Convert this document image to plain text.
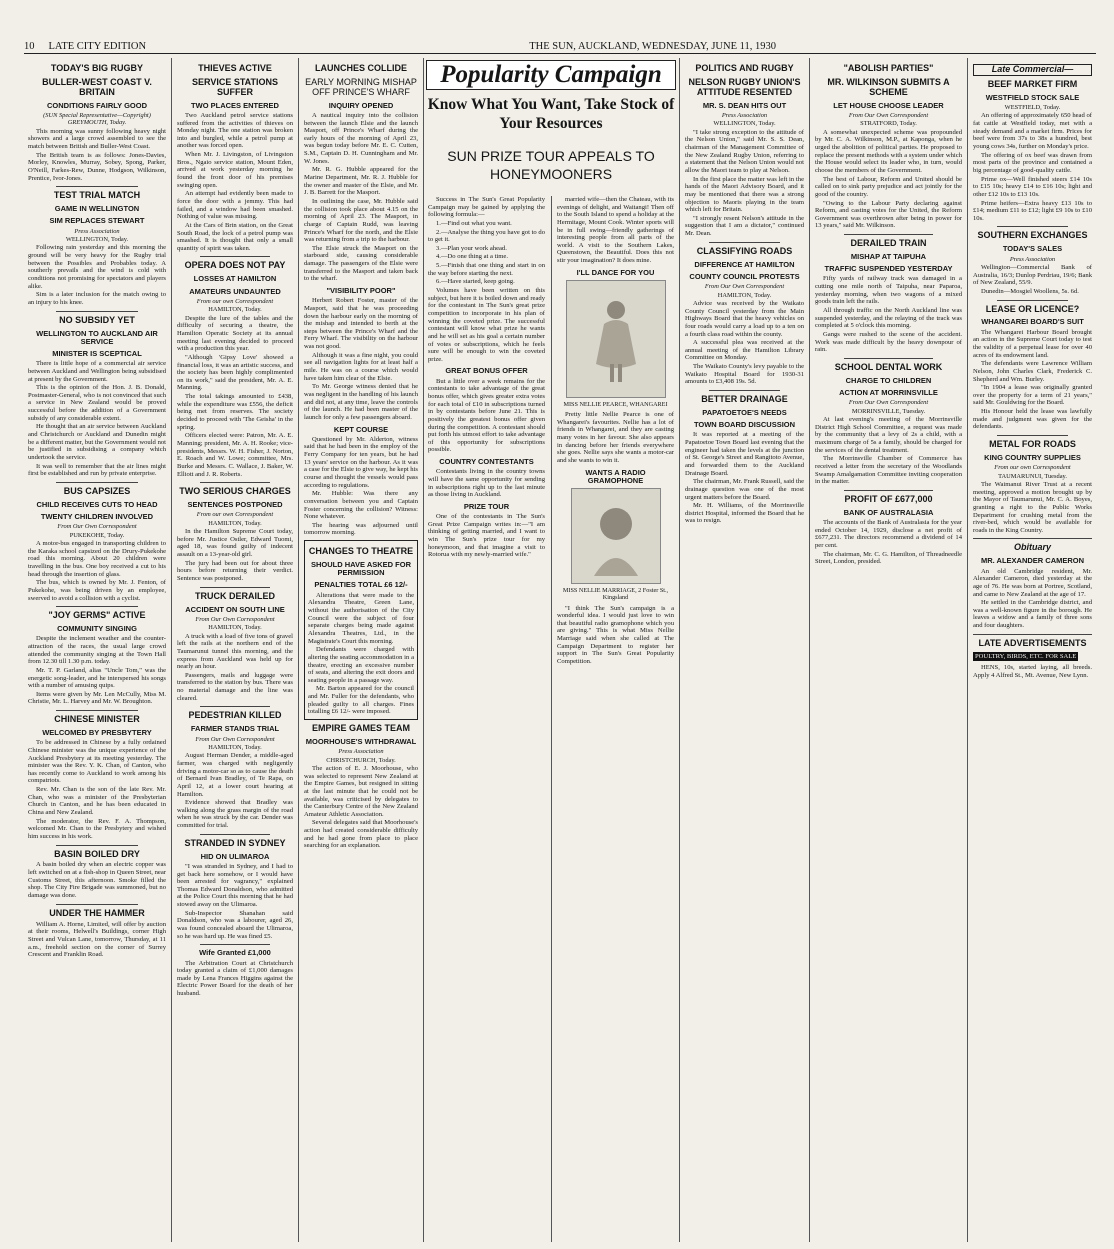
10 LATE CITY EDITION	THE SUN, AUCKLAND, WEDNESDAY, JUNE 11, 1930
TODAY'S BIG RUGBY
BULLER-WEST COAST V. BRITAIN
CONDITIONS FAIRLY GOOD
(SUN Special Representative—Copyright) GREYMOUTH, Today.

This morning was sunny following heavy night showers and a large crowd assembled to see the match between British and Buller-West Coast.

The British team is as follows: Jones-Davies, Morley, Knowles, Murray, Sobey, Spong, Parker, O'Neill, Farkes-Rew, Dunne, Hodgson, Wilkinson, Prentice, Ivor-Jones.

TEST TRIAL MATCH
GAME IN WELLINGTON
SIM REPLACES STEWART
Press Association
WELLINGTON, Today.

Following rain yesterday and this morning the ground will be very heavy for the Rugby trial between the Possibles and Probables today. A southerly prevails and the wind is cold with conditions not promising for spectators and players alike.

Sim is a later inclusion for the match owing to an injury to his knee.

NO SUBSIDY YET
WELLINGTON TO AUCKLAND AIR SERVICE
MINISTER IS SCEPTICAL

There is little hope of a commercial air service between Auckland and Wellington being subsidised at present by the Government.

This is the opinion of the Hon. J. B. Donald, Postmaster-General, who is not convinced that such a service in New Zealand would be proved successful before the addition of a Government subsidy of any considerable extent.

He thought that an air service between Auckland and Christchurch or Auckland and Dunedin might be a different matter, but the Government would not be justified in subsidising a company which undertook the service.

It was well to remember that the air lines might first be established and run by private enterprise.

BUS CAPSIZES
CHILD RECEIVES CUTS TO HEAD
TWENTY CHILDREN INVOLVED
From Our Own Correspondent
PUKEKOHE, Today.

A motor-bus engaged in transporting children to the Karaka school capsized on the Drury-Pukekohe road this morning. About 20 children were travelling in the bus. One boy received a cut to his head through the insertion of glass.

The bus, which is owned by Mr. J. Fenton, of Pukekohe, was being driven by an employee, swerved to avoid a collision with a cyclist.

"JOY GERMS" ACTIVE
COMMUNITY SINGING

Despite the inclement weather and the counter-attraction of the races, the usual large crowd attended the community singing at the Town Hall from 12.30 till 1.30 p.m. today.

Mr. T. P. Garland, alias "Uncle Tom," was the energetic song-leader, and he interspersed his songs with a number of amusing quips.

Items were given by Mr. Len McCully, Miss M. Christie, Mr. L. Harvey and Mr. W. Broughton.

CHINESE MINISTER
WELCOMED BY PRESBYTERY

To be addressed in Chinese by a fully ordained Chinese minister was the unique experience of the Auckland Presbytery at its meeting yesterday. The minister was the Rev. Y. K. Chan, of Canton, who has recently come to Auckland to work among his compatriots.

Rev. Mr. Chan is the son of the late Rev. Mr. Chan, who was a minister of the Presbyterian Church in Canton, and he has been educated in China and New Zealand.

The moderator, the Rev. F. A. Thompson, welcomed Mr. Chan to the Presbytery and wished him success in his work.

BASIN BOILED DRY

A basin boiled dry when an electric copper was left switched on at a fish-shop in Queen Street, near Customs Street, this afternoon. Smoke filled the shop. The City Fire Brigade was summoned, but no damage was done.

UNDER THE HAMMER

William A. Horne, Limited, will offer by auction at their rooms, Helwell's Buildings, corner High Street and Vulcan Lane, tomorrow, Thursday, at 11 a.m., freehold section on the corner of Surrey Crescent and Franklin Road.

THIEVES ACTIVE
SERVICE STATIONS SUFFER
TWO PLACES ENTERED

Two Auckland petrol service stations suffered from the activities of thieves on Monday night. The one station was broken into and burgled, while a petrol pump at another was forced open.

When Mr. J. Livingston, of Livingston Bros., Ngaio service station, Mount Eden, arrived at work yesterday morning he found the front door of his premises swinging open.

An attempt had evidently been made to force the door with a jemmy. This had failed, and a window had been smashed. Nothing of value was missing.

At the Cars of Brin station, on the Great South Road, the lock of a petrol pump was smashed. It is thought that only a small quantity of spirit was taken.

OPERA DOES NOT PAY
LOSSES AT HAMILTON
AMATEURS UNDAUNTED
From our own Correspondent
HAMILTON, Today.

Despite the lure of the tables and the difficulty of securing a theatre, the Hamilton Operatic Society at its annual meeting last evening decided to proceed with a production this year.

"Although 'Gipsy Love' showed a financial loss, it was an artistic success, and the society has been highly complimented on its work," said the president, Mr. A. E. Manning.

The total takings amounted to £438, while the expenditure was £556, the deficit being met from reserves. The society decided to proceed with 'The Geisha' in the spring.

Officers elected were: Patron, Mr. A. E. Manning; president, Mr. A. H. Rooke; vice-presidents, Messrs. W. H. Fisher, J. Norton, E. Roach and W. Lowe; committee, Mrs. Burke and Messrs. C. Wallace, J. Baker, W. Elliott and J. R. Roberts.

TWO SERIOUS CHARGES
SENTENCES POSTPONED
From our own Correspondent
HAMILTON, Today.

In the Hamilton Supreme Court today, before Mr. Justice Ostler, Edward Tuomi, aged 18, was found guilty of indecent assault on a 13-year-old girl.

The jury had been out for about three hours before returning their verdict. Sentence was postponed.

TRUCK DERAILED
ACCIDENT ON SOUTH LINE
From Our Own Correspondent
HAMILTON, Today.

A truck with a load of five tons of gravel left the rails at the northern end of the Taumarunui tunnel this morning, and the express from Auckland was held up for nearly an hour.

Passengers, mails and luggage were transferred to the station by bus. There was no material damage and the line was cleared.

PEDESTRIAN KILLED
FARMER STANDS TRIAL
From Our Own Correspondent
HAMILTON, Today.

August Herman Dender, a middle-aged farmer, was charged with negligently driving a motor-car so as to cause the death of Bernard Ivan Bradley, of Te Rapa, on April 12, at a lower court hearing at Hamilton.

Evidence showed that Bradley was walking along the grass margin of the road when he was struck by the car. Dender was committed for trial.

STRANDED IN SYDNEY
HID ON ULIMAROA

"I was stranded in Sydney, and I had to get back here somehow, or I would have been arrested for vagrancy," explained Thomas Edward Donaldson, who admitted at the Police Court this morning that he had stowed away on the Ulimaroa.

Sub-Inspector Shanahan said Donaldson, who was a labourer, aged 26, was found concealed aboard the Ulimaroa, so he was hard up. He was fined £5.

Wife Granted £1,000

The Arbitration Court at Christchurch today granted a claim of £1,000 damages made by Lena Frances Higgins against the Electric Power Board for the death of her husband.

LAUNCHES COLLIDE
EARLY MORNING MISHAP OFF PRINCE'S WHARF
INQUIRY OPENED

A nautical inquiry into the collision between the launch Elsie and the launch Masport, off Prince's Wharf during the early hours of the morning of April 23, was begun today before Mr. E. C. Cutten, S.M., Captain D. H. Cunningham and Mr. W. Jones.

Mr. R. G. Hubble appeared for the Marine Department, Mr. R. J. Hubble for the owner and master of the Elsie, and Mr. J. B. Barrett for the Masport.

In outlining the case, Mr. Hubble said the collision took place about 4.15 on the morning of April 23. The Masport, in charge of Captain Rudd, was leaving Prince's Wharf for the north, and the Elsie was returning from a trip to the harbour.

The Elsie struck the Masport on the starboard side, causing considerable damage. The passengers of the Elsie were transferred to the Masport and taken back to the wharf.

"VISIBILITY POOR"

Herbert Robert Foster, master of the Masport, said that he was proceeding down the harbour early on the morning of the mishap and intended to berth at the steps between the Prince's Wharf and the Ferry Wharf. The visibility on the harbour was not good.

Although it was a fine night, you could see all navigation lights for at least half a mile. He was on a course which would have taken him clear of the Elsie.

To Mr. George witness denied that he was negligent in the handling of his launch and did not, at any time, leave the controls of the launch. He had been master of the launch for only a few passengers aboard.

KEPT COURSE

Questioned by Mr. Alderton, witness said that he had been in the employ of the Ferry Company for ten years, but he had 13 years' service on the harbour. As it was a case for the Elsie to give way, he kept his course and thought the vessels would pass according to regulations.

Mr. Hubble: Was there any conversation between you and Captain Foster concerning the collision? Witness: None whatever.

The hearing was adjourned until tomorrow morning.

CHANGES TO THEATRE
SHOULD HAVE ASKED FOR PERMISSION
PENALTIES TOTAL £6 12/-

Alterations that were made to the Alexandra Theatre, Green Lane, without the authorisation of the City Council were the subject of four separate charges being made against Alexandra Theatres, Ltd., in the Magistrate's Court this morning.

Defendants were charged with altering the seating accommodation in a theatre, erecting an excessive number of seats, and altering the exit doors and seating people in a passage way.

Mr. Barton appeared for the council and Mr. Fuller for the defendants, who pleaded guilty to all charges. Fines totalling £6 12/- were imposed.

EMPIRE GAMES TEAM
MOORHOUSE'S WITHDRAWAL
Press Association
CHRISTCHURCH, Today.

The action of E. J. Moorhouse, who was selected to represent New Zealand at the Empire Games, but resigned in sitting at the last minute that he could not be available, was criticised by delegates to the Canterbury Centre of the New Zealand Amateur Athletic Association.

Several delegates said that Moorhouse's action had created considerable difficulty and he had gone from place to place searching for an explanation.

Popularity Campaign
Know What You Want, Take Stock of Your Resources
SUN PRIZE TOUR APPEALS TO HONEYMOONERS

Success in The Sun's Great Popularity Campaign may be gained by applying the following formula:—

1.—Find out what you want.

2.—Analyse the thing you have got to do to get it.

3.—Plan your work ahead.

4.—Do one thing at a time.

5.—Finish that one thing and start in on the way before starting the next.

6.—Have started, keep going.

Volumes have been written on this subject, but here it is boiled down and ready for the contestant in The Sun's great prize competition to incorporate in his plan of winning the coveted prize. The successful contestant will know what prize he wants and he will set as his goal a certain number of votes or subscriptions, which he feels sure will be enough to win the coveted prize.

GREAT BONUS OFFER

But a little over a week remains for the contestants to take advantage of the great bonus offer, which gives greater extra votes for each total of £10 in subscriptions turned in by contestants before June 21. This is positively the greatest bonus offer given during the competition. A contestant should put forth his utmost effort to take advantage of this opportunity for subscriptions possible.

COUNTRY CONTESTANTS

Contestants living in the country towns will have the same opportunity for sending in subscriptions right up to the last minute as those living in Auckland.

PRIZE TOUR

One of the contestants in The Sun's Great Prize Campaign writes in:—"I am thinking of getting married, and I want to win The Sun's prize tour for my honeymoon, and that imagine a visit to Rotorua with my newly-married wife."

married wife—then the Chateau, with its evenings of delight, and Waitangi! Then off to the South Island to spend a holiday at the Hermitage, Mount Cook. Winter sports will be in full swing—friendly gatherings of interesting people from all parts of the world. A visit to the Southern Lakes, Queenstown, the Beautiful. Does this not stir your imagination? It does mine.

I'LL DANCE FOR YOU
MISS NELLIE PEARCE, WHANGAREI

Pretty little Nellie Pearce is one of Whangarei's favourites. Nellie has a lot of friends in Whangarei, and they are casting many votes in her favour. She also appears in dancing before her friends everywhere she goes. Nellie says she wants a motor-car and she wants to win it.

WANTS A RADIO GRAMOPHONE
MISS NELLIE MARRIAGE, 2 Foster St., Kingsland

"I think The Sun's campaign is a wonderful idea. I would just love to win that beautiful radio gramophone which you are giving." This is what Miss Nellie Marriage said when she called at The Campaign Department to register her support in The Sun's Great Popularity Competition.

POLITICS AND RUGBY
NELSON RUGBY UNION'S ATTITUDE RESENTED
MR. S. DEAN HITS OUT
Press Association
WELLINGTON, Today.

"I take strong exception to the attitude of the Nelson Union," said Mr. S. S. Dean, chairman of the Management Committee of the New Zealand Rugby Union, referring to a statement that the Nelson Union would not allow the Maori team to play at Nelson.

In the first place the matter was left in the hands of the Maori Advisory Board, and it may be mentioned that there was a strong objection to Maoris playing in the team which left for Britain.

"I strongly resent Nelson's attitude in the suggestion that I am a dictator," continued Mr. Dean.

CLASSIFYING ROADS
DIFFERENCE AT HAMILTON
COUNTY COUNCIL PROTESTS
From Our Own Correspondent
HAMILTON, Today.

Advice was received by the Waikato County Council yesterday from the Main Highways Board that the heavy vehicles on four roads would carry a load up to a ten on a fourth class road within the county.

A successful plea was received at the annual meeting of the Hamilton Library Committee on Monday.

The Waikato County's levy payable to the Waikato Hospital Board for 1930-31 amounts to £3,408 19s. 5d.

BETTER DRAINAGE
PAPATOETOE'S NEEDS
TOWN BOARD DISCUSSION

It was reported at a meeting of the Papatoetoe Town Board last evening that the engineer had taken the levels at the junction of St. George's Street and Rangitoto Avenue, and forwarded them to the Auckland Drainage Board.

The chairman, Mr. Frank Russell, said the drainage question was one of the most urgent matters before the Board.

Mr. H. Williams, of the Morrinsville district Hospital, informed the Board that he was to resign.

"ABOLISH PARTIES"
MR. WILKINSON SUBMITS A SCHEME
LET HOUSE CHOOSE LEADER
From Our Own Correspondent
STRATFORD, Today.

A somewhat unexpected scheme was propounded by Mr. C. A. Wilkinson, M.P., at Kaponga, when he urged the abolition of political parties. He proposed to replace the present methods with a system under which the House would select its leader who, in turn, would choose the members of the Government.

The best of Labour, Reform and United should be called on to sink party prejudice and act jointly for the good of the country.

"Owing to the Labour Party declaring against Reform, and casting votes for the United, the Reform Government was overthrown after being in power for 13 years," said Mr. Wilkinson.

DERAILED TRAIN
MISHAP AT TAIPUHA
TRAFFIC SUSPENDED YESTERDAY

Fifty yards of railway track was damaged in a cutting one mile north of Taipuha, near Paparoa, yesterday morning, when two wagons of a mixed goods train left the rails.

All through traffic on the North Auckland line was suspended yesterday, and the relaying of the track was completed at 5 o'clock this morning.

Gangs were rushed to the scene of the accident. Work was made difficult by the heavy downpour of rain.

SCHOOL DENTAL WORK
CHARGE TO CHILDREN
ACTION AT MORRINSVILLE
From Our Own Correspondent
MORRINSVILLE, Tuesday.

At last evening's meeting of the Morrinsville District High School Committee, a request was made by the community that a levy of 2s a child, with a maximum charge of 5s a family, should be charged for the services of the dental treatment.

The Morrinsville Chamber of Commerce has received a letter from the secretary of the Woodlands Swamp Amalgamation Committee inviting cooperation in the matter.

PROFIT OF £677,000
BANK OF AUSTRALASIA

The accounts of the Bank of Australasia for the year ended October 14, 1929, disclose a net profit of £677,231. The directors recommend a dividend of 14 per cent.

The chairman, Mr. C. G. Hamilton, of Threadneedle Street, London, presided.

Late Commercial—
BEEF MARKET FIRM
WESTFIELD STOCK SALE
WESTFIELD, Today.

An offering of approximately 650 head of fat cattle at Westfield today, met with a steady demand and a market firm. Prices for beef were from 37s to 38s a hundred, best young cows 34s, further on Monday's price.

The offering of ox beef was drawn from most parts of the province and contained a big percentage of good-quality cattle.

Prime ox—Well finished steers £14 10s to £15 10s; heavy £14 to £16 10s; light and other £12 10s to £13 10s.

Prime heifers—Extra heavy £13 10s to £14; medium £11 to £12; light £9 10s to £10 10s.

SOUTHERN EXCHANGES
TODAY'S SALES
Press Association

Wellington—Commercial Bank of Australia, 16/3; Dunlop Perdriau, 19/6; Bank of New Zealand, 55/9.

Dunedin—Mosgiel Woollens, 5s. 6d.

LEASE OR LICENCE?
WHANGAREI BOARD'S SUIT

The Whangarei Harbour Board brought an action in the Supreme Court today to test the validity of a perpetual lease for over 40 acres of its endowment land.

The defendants were Lawrence William Nelson, John Charles Clark, Frederick C. Shepherd and Wm. Burley.

"In 1904 a lease was originally granted over the property for a term of 21 years," said Mr. Gouldwing for the Board.

His Honour held the lease was lawfully made and judgment was given for the defendants.

METAL FOR ROADS
KING COUNTRY SUPPLIES
From our own Correspondent
TAUMARUNUI, Tuesday.

The Waimanui River Trust at a recent meeting, approved a motion brought up by the Mayor of Taumarunui, Mr. C. A. Boyes, granting a right to the Public Works Department for crushing metal from the river-bed, which would be available for roads in the King Country.

Obituary
MR. ALEXANDER CAMERON

An old Cambridge resident, Mr. Alexander Cameron, died yesterday at the age of 76. He was born at Portree, Scotland, and came to New Zealand at the age of 17.

He settled in the Cambridge district, and was a well-known figure in the borough. He leaves a widow and a family of three sons and four daughters.

LATE ADVERTISEMENTS
POULTRY, BIRDS, ETC. FOR SALE

HENS, 10s, started laying, all breeds. Apply 4 Alfred St., Mt. Avenue, New Lynn.
